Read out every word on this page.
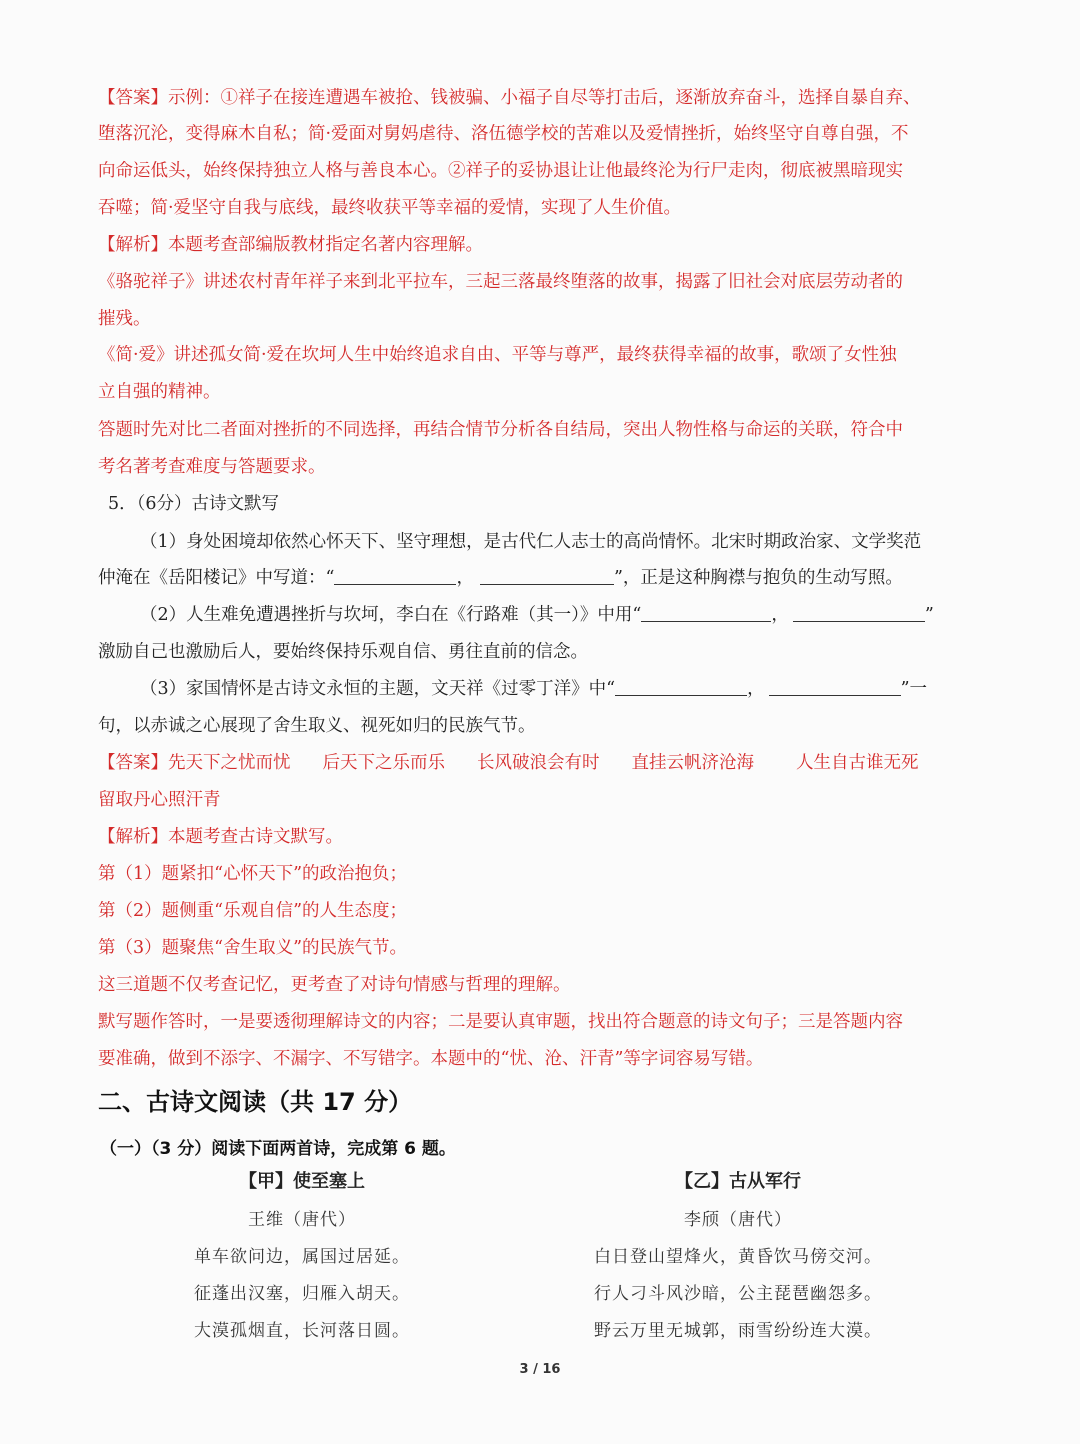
【答案】示例：①祥子在接连遭遇车被抢、钱被骗、小福子自尽等打击后，逐渐放弃奋斗，选择自暴自弃、
堕落沉沦，变得麻木自私；简·爱面对舅妈虐待、洛伍德学校的苦难以及爱情挫折，始终坚守自尊自强，不
向命运低头，始终保持独立人格与善良本心。②祥子的妥协退让让他最终沦为行尸走肉，彻底被黑暗现实
吞噬；简·爱坚守自我与底线，最终收获平等幸福的爱情，实现了人生价值。
【解析】本题考查部编版教材指定名著内容理解。
《骆驼祥子》讲述农村青年祥子来到北平拉车，三起三落最终堕落的故事，揭露了旧社会对底层劳动者的
摧残。
《简·爱》讲述孤女简·爱在坎坷人生中始终追求自由、平等与尊严，最终获得幸福的故事，歌颂了女性独
立自强的精神。
答题时先对比二者面对挫折的不同选择，再结合情节分析各自结局，突出人物性格与命运的关联，符合中
考名著考查难度与答题要求。
5．（6分）古诗文默写
（1）身处困境却依然心怀天下、坚守理想，是古代仁人志士的高尚情怀。北宋时期政治家、文学奖范
仲淹在《岳阳楼记》中写道：“	，	”，正是这种胸襟与抱负的生动写照。
（2）人生难免遭遇挫折与坎坷，李白在《行路难（其一）》中用“	，	”
激励自己也激励后人，要始终保持乐观自信、勇往直前的信念。
（3）家国情怀是古诗文永恒的主题，文天祥《过零丁洋》中“	，	”一
句，以赤诚之心展现了舍生取义、视死如归的民族气节。
【答案】先天下之忧而忧 后天下之乐而乐 长风破浪会有时 直挂云帆济沧海 人生自古谁无死
留取丹心照汗青
【解析】本题考查古诗文默写。
第（1）题紧扣“心怀天下”的政治抱负；
第（2）题侧重“乐观自信”的人生态度；
第（3）题聚焦“舍生取义”的民族气节。
这三道题不仅考查记忆，更考查了对诗句情感与哲理的理解。
默写题作答时，一是要透彻理解诗文的内容；二是要认真审题，找出符合题意的诗文句子；三是答题内容
要准确，做到不添字、不漏字、不写错字。本题中的“忧、沧、汗青”等字词容易写错。
二、古诗文阅读（共 17 分）
（一）（3 分）阅读下面两首诗，完成第 6 题。
【甲】使至塞上
王维（唐代）
单车欲问边，属国过居延。
征蓬出汉塞，归雁入胡天。
大漠孤烟直，长河落日圆。
【乙】古从军行
李颀（唐代）
白日登山望烽火，黄昏饮马傍交河。
行人刁斗风沙暗，公主琵琶幽怨多。
野云万里无城郭，雨雪纷纷连大漠。
3 / 16
